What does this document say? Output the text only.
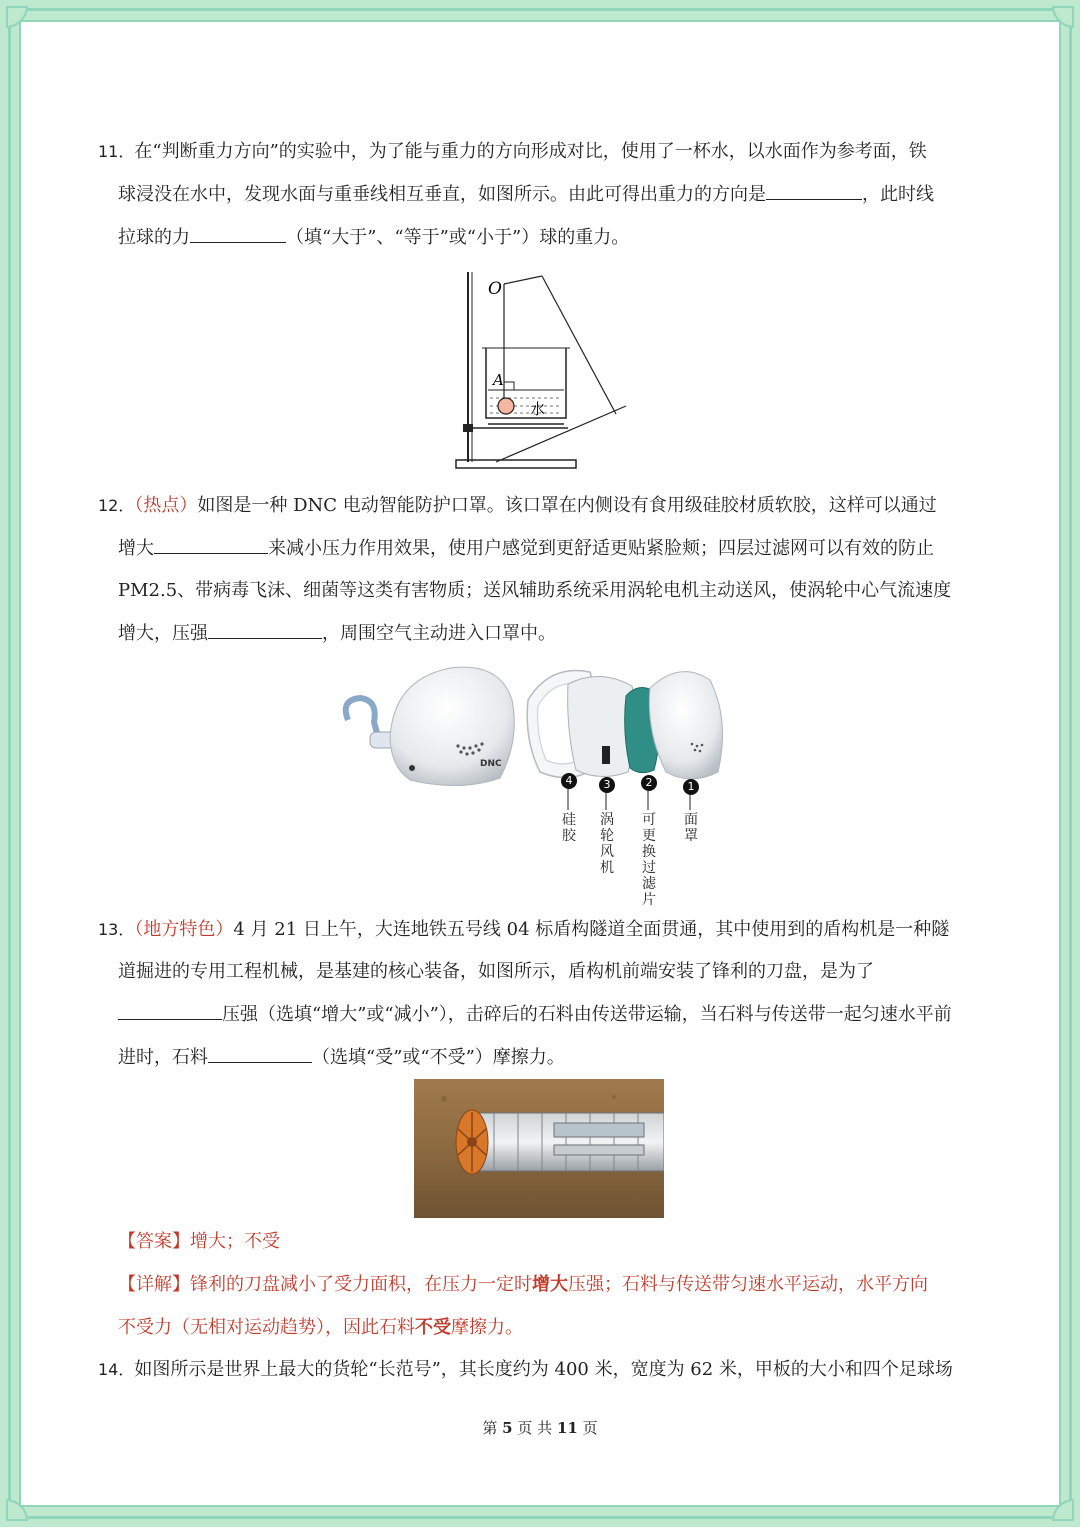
11．在“判断重力方向”的实验中，为了能与重力的方向形成对比，使用了一杯水，以水面作为参考面，铁
球浸没在水中，发现水面与重垂线相互垂直，如图所示。由此可得出重力的方向是	，此时线
拉球的力	（填“大于”、“等于”或“小于”）球的重力。
O
A
水
12．（热点）如图是一种 DNC 电动智能防护口罩。该口罩在内侧设有食用级硅胶材质软胶，这样可以通过
增大	来减小压力作用效果，使用户感觉到更舒适更贴紧脸颊；四层过滤网可以有效的防止
PM2.5、带病毒飞沫、细菌等这类有害物质；送风辅助系统采用涡轮电机主动送风，使涡轮中心气流速度
增大，压强	，周围空气主动进入口罩中。
DNC
4	3	2	1
硅胶
涡轮风机
可更换过滤片
面罩
13．（地方特色）4 月 21 日上午，大连地铁五号线 04 标盾构隧道全面贯通，其中使用到的盾构机是一种隧
道掘进的专用工程机械，是基建的核心装备，如图所示，盾构机前端安装了锋利的刀盘，是为了
压强（选填“增大”或“减小”），击碎后的石料由传送带运输，当石料与传送带一起匀速水平前
进时，石料	（选填“受”或“不受”）摩擦力。
【答案】增大；不受
【详解】锋利的刀盘减小了受力面积，在压力一定时增大压强；石料与传送带匀速水平运动，水平方向
不受力（无相对运动趋势），因此石料不受摩擦力。
14．如图所示是世界上最大的货轮“长范号”，其长度约为 400 米，宽度为 62 米，甲板的大小和四个足球场
第 5 页 共 11 页
